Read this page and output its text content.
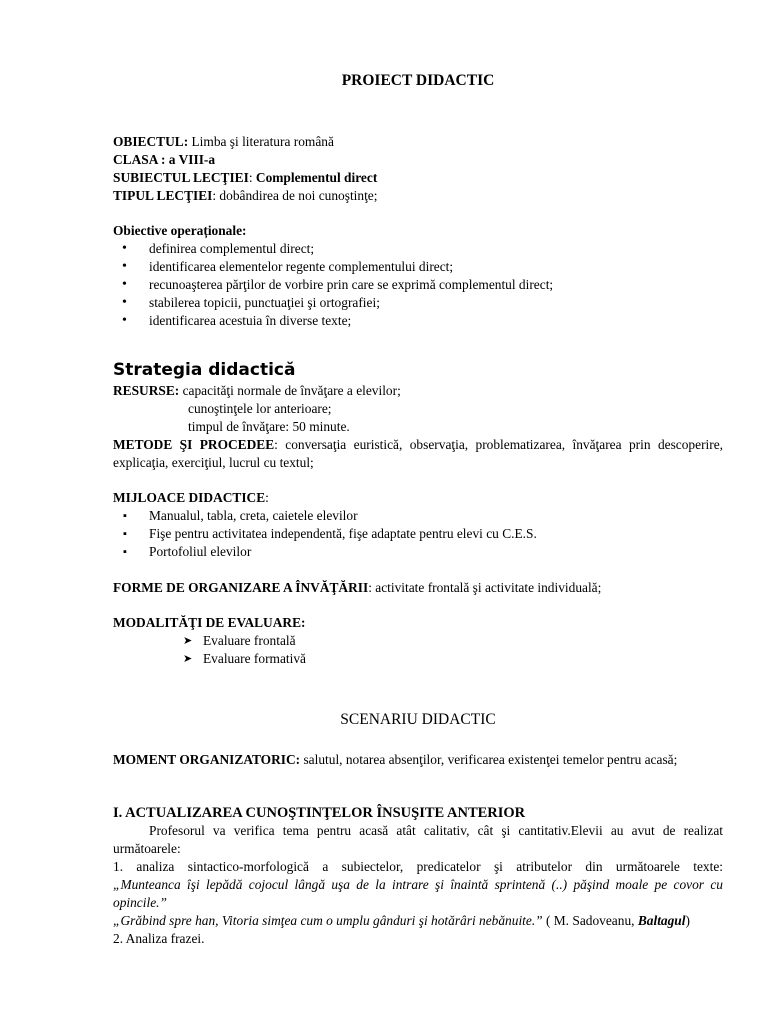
PROIECT DIDACTIC
OBIECTUL: Limba şi literatura română
CLASA : a VIII-a
SUBIECTUL LECŢIEI: Complementul direct
TIPUL LECŢIEI: dobândirea de noi cunoştinţe;
Obiective operaționale:
• definirea complementul direct;
• identificarea elementelor regente complementului direct;
• recunoaşterea părţilor de vorbire prin care se exprimă complementul direct;
• stabilerea topicii, punctuaţiei şi ortografiei;
• identificarea acestuia în diverse texte;
Strategia didactică
RESURSE: capacităţi normale de învăţare a elevilor;
cunoştinţele lor anterioare;
timpul de învăţare: 50 minute.
METODE ŞI PROCEDEE: conversaţia euristică, observaţia, problematizarea, învăţarea prin descoperire, explicaţia, exerciţiul, lucrul cu textul;
MIJLOACE DIDACTICE:
▪ Manualul, tabla, creta, caietele elevilor
▪ Fişe pentru activitatea independentă, fişe adaptate pentru elevi cu C.E.S.
▪ Portofoliul elevilor
FORME DE ORGANIZARE A ÎNVĂŢĂRII: activitate frontală şi activitate individuală;
MODALITĂŢI DE EVALUARE:
➤ Evaluare frontală
➤ Evaluare formativă
SCENARIU DIDACTIC
MOMENT ORGANIZATORIC: salutul, notarea absenţilor, verificarea existenţei temelor pentru acasă;
I. ACTUALIZAREA CUNOŞTINŢELOR ÎNSUŞITE ANTERIOR
Profesorul va verifica tema pentru acasă atât calitativ, cât şi cantitativ.Elevii au avut de realizat următoarele:
1. analiza sintactico-morfologică a subiectelor, predicatelor şi atributelor din următoarele texte:
„Munteanca îşi lepădă cojocul lângă uşa de la intrare şi înaintă sprintenă (..) păşind moale pe covor cu opincile.”
„Grăbind spre han, Vitoria simţea cum o umplu gânduri şi hotărâri nebănuite.” ( M. Sadoveanu, Baltagul)
2. Analiza frazei.
